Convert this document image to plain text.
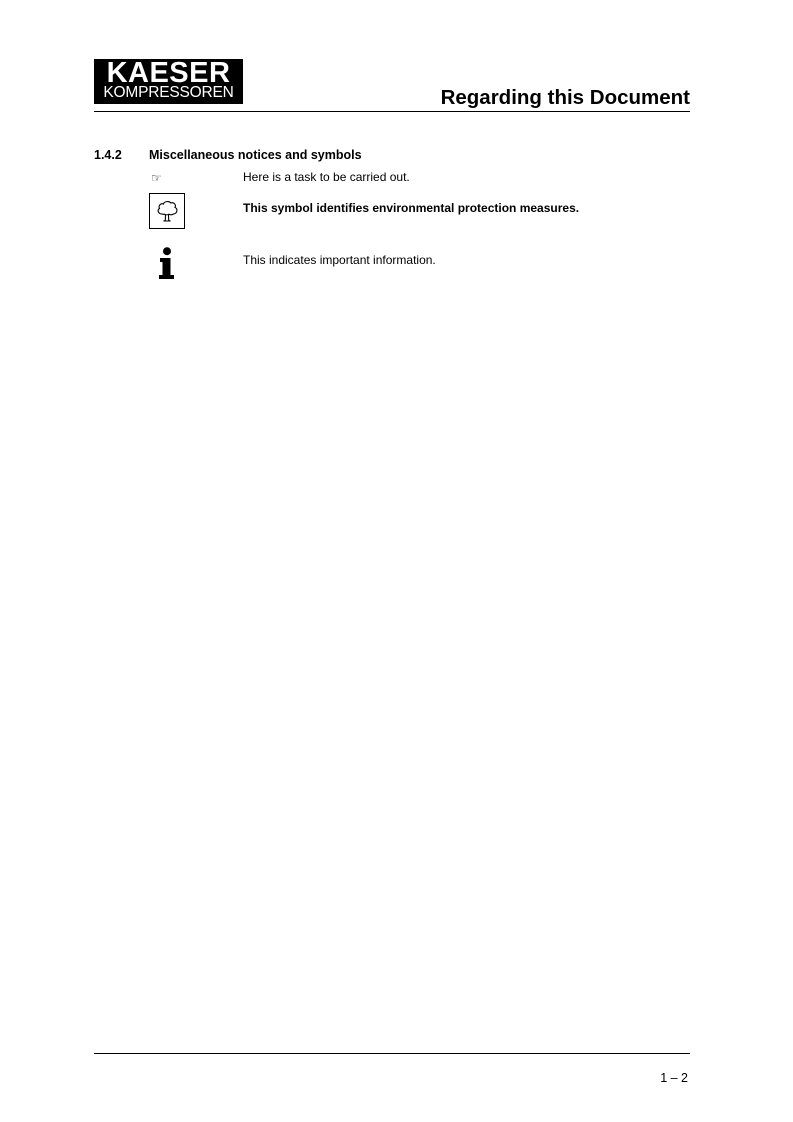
KAESER
KOMPRESSOREN	Regarding this Document
1.4.2 Miscellaneous notices and symbols
☞	Here is a task to be carried out.
This symbol identifies environmental protection measures.
This indicates important information.
1 – 2
